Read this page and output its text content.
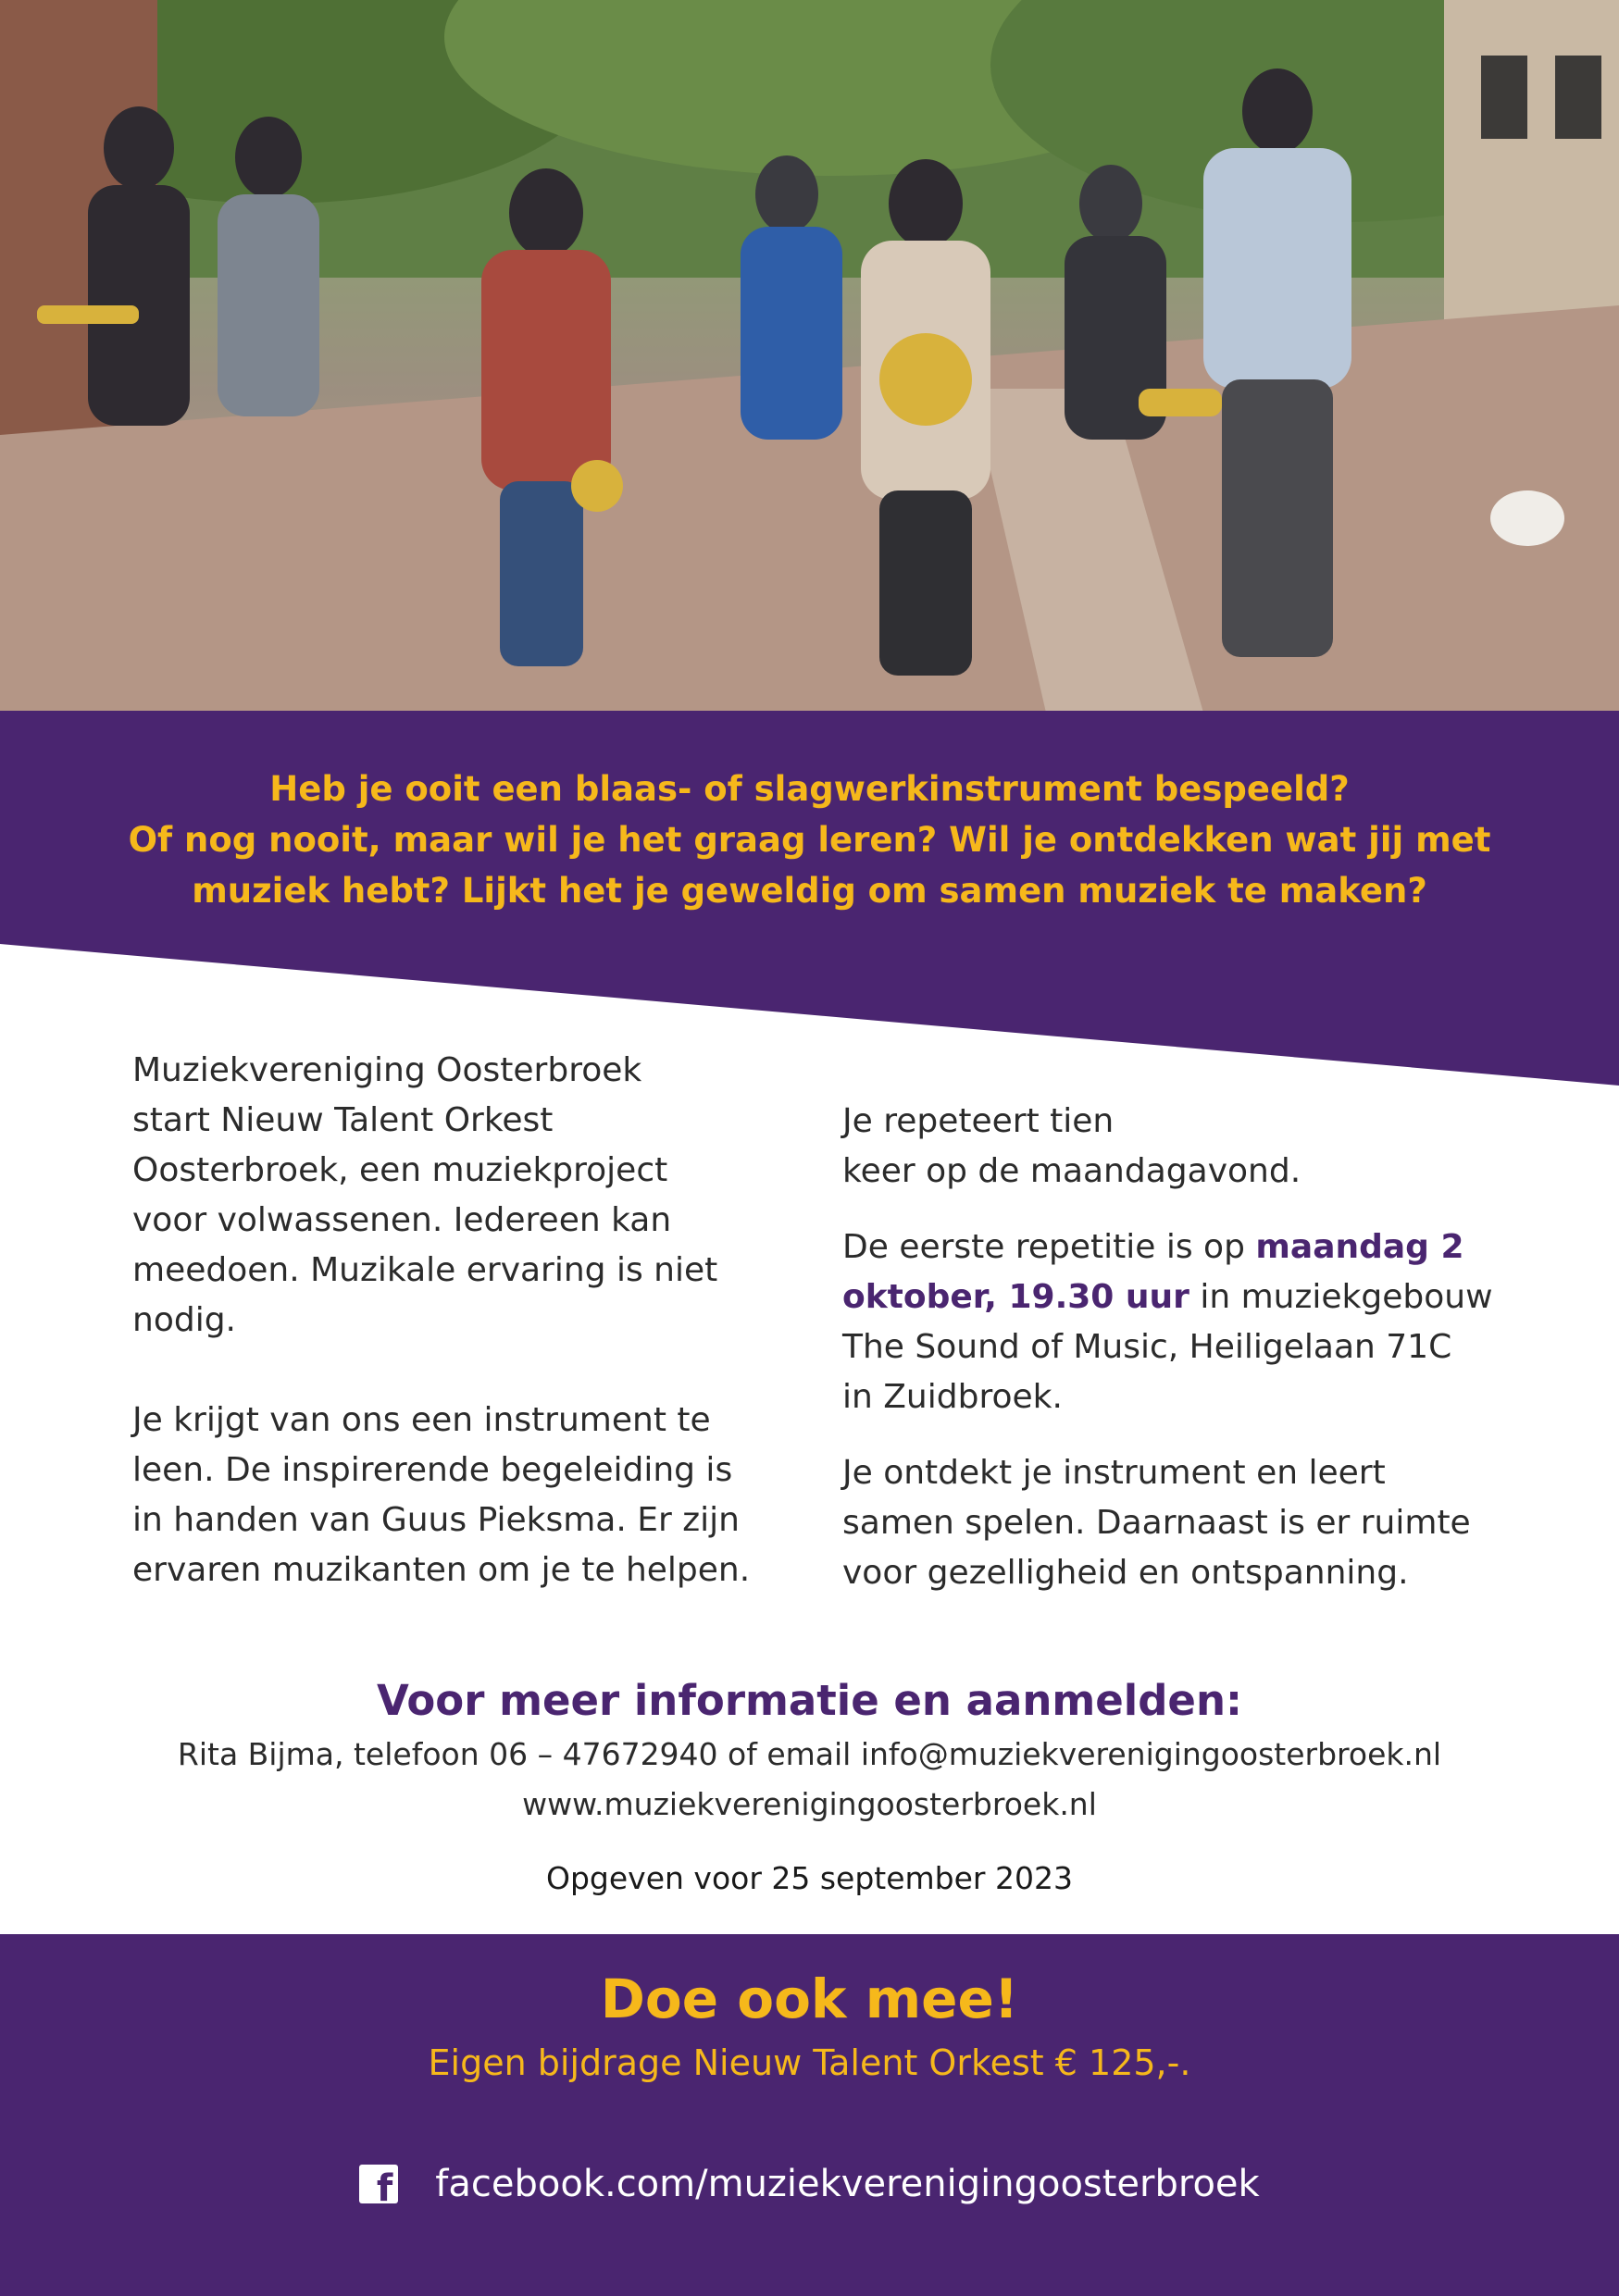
Heb je ooit een blaas- of slagwerkinstrument bespeeld?
Of nog nooit, maar wil je het graag leren? Wil je ontdekken wat jij met
muziek hebt? Lijkt het je geweldig om samen muziek te maken?

Muziekvereniging Oosterbroek

start Nieuw Talent Orkest

Oosterbroek, een muziekproject

voor volwassenen. Iedereen kan

meedoen. Muzikale ervaring is niet

nodig.

Je krijgt van ons een instrument te

leen. De inspirerende begeleiding is

in handen van Guus Pieksma. Er zijn

ervaren muzikanten om je te helpen.

Je repeteert tien

keer op de maandagavond.

De eerste repetitie is op maandag 2

oktober, 19.30 uur in muziekgebouw

The Sound of Music, Heiligelaan 71C

in Zuidbroek.

Je ontdekt je instrument en leert

samen spelen. Daarnaast is er ruimte

voor gezelligheid en ontspanning.

Voor meer informatie en aanmelden:
Rita Bijma, telefoon 06 – 47672940 of email info@muziekverenigingoosterbroek.nl
www.muziekverenigingoosterbroek.nl
Opgeven voor 25 september 2023
Doe ook mee!
Eigen bijdrage Nieuw Talent Orkest € 125,-.
f facebook.com/muziekverenigingoosterbroek
